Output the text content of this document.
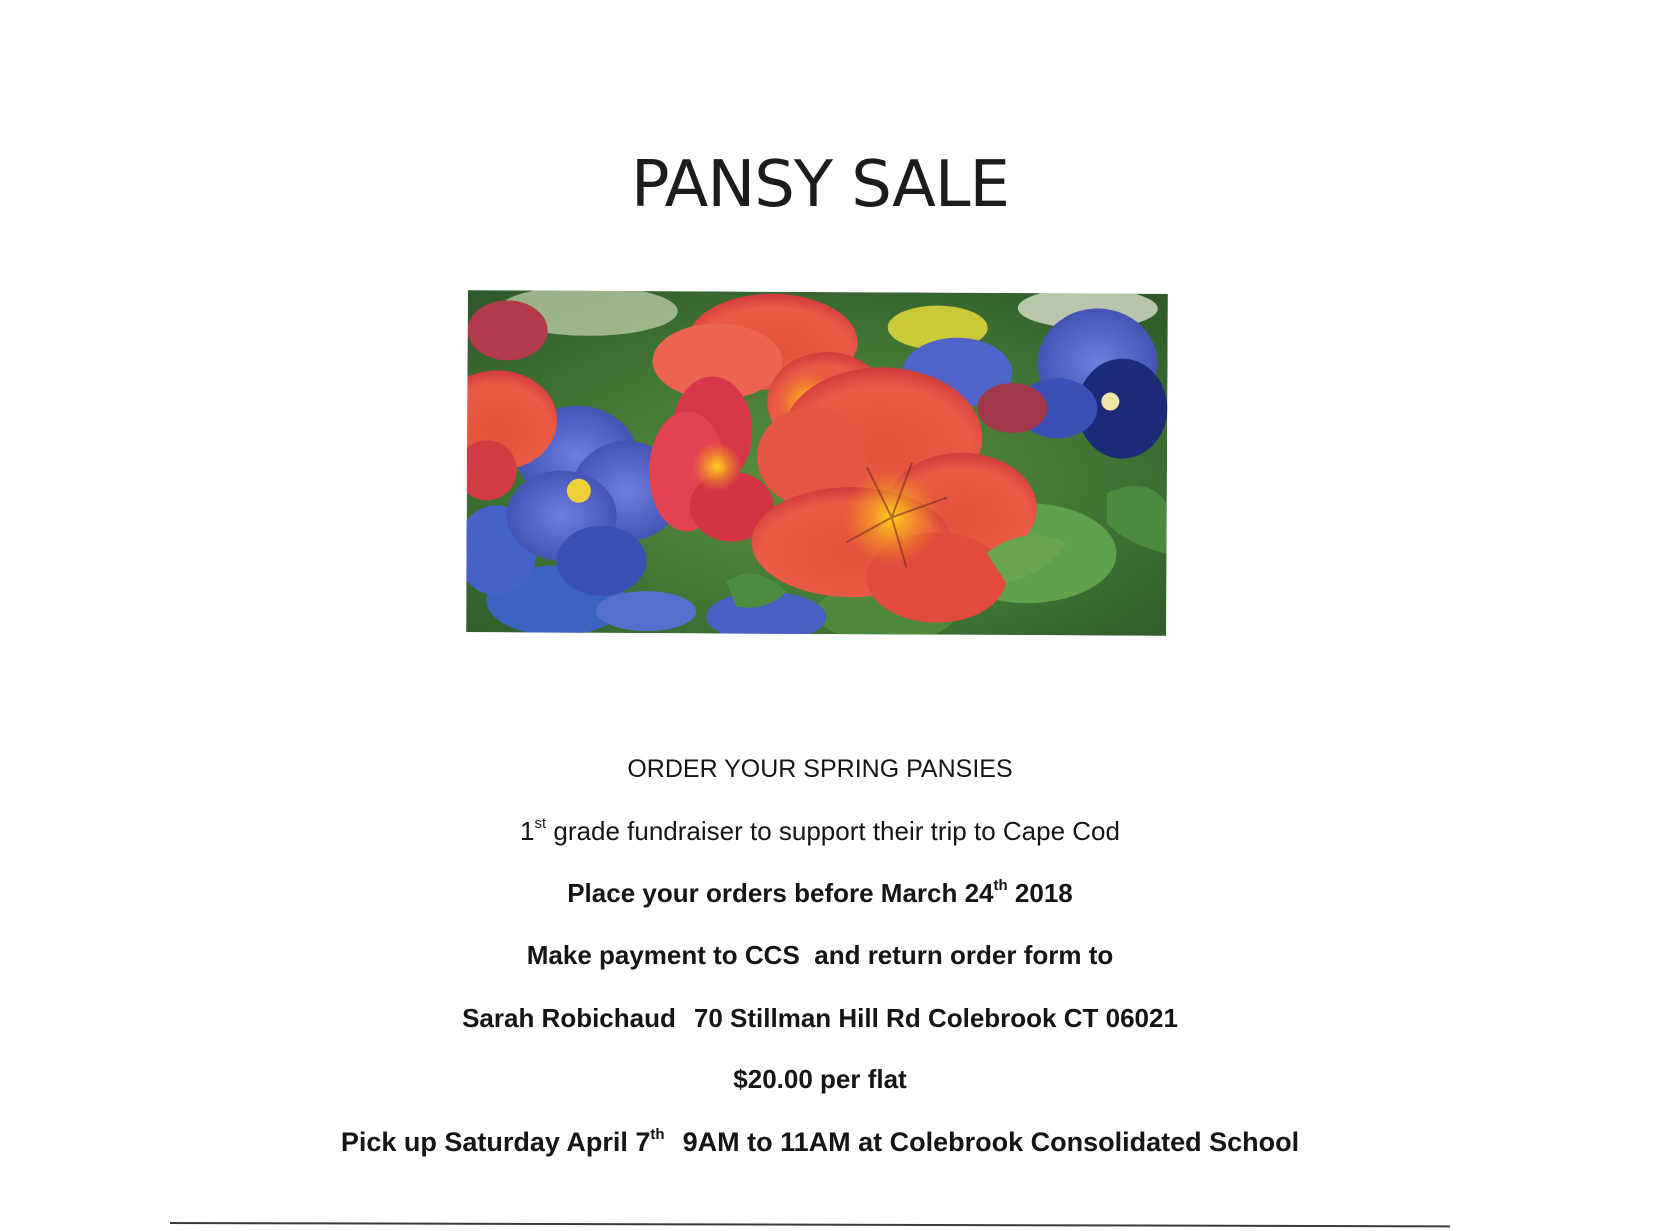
PANSY SALE
ORDER YOUR SPRING PANSIES
1st grade fundraiser to support their trip to Cape Cod
Place your orders before March 24th 2018
Make payment to CCS  and return order form to
Sarah Robichaud 70 Stillman Hill Rd Colebrook CT 06021
$20.00 per flat
Pick up Saturday April 7th 9AM to 11AM at Colebrook Consolidated School
